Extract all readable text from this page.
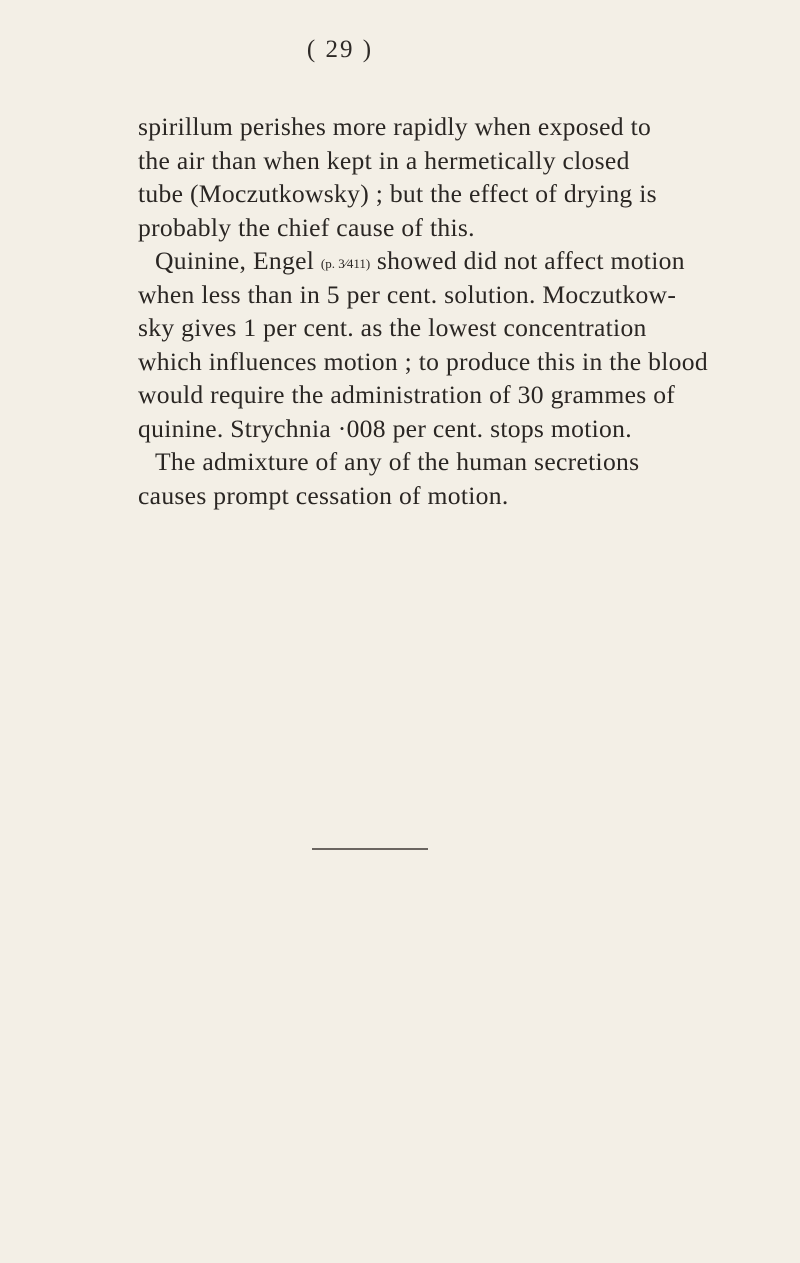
( 29 )
spirillum perishes more rapidly when exposed to
the air than when kept in a hermetically closed
tube (Moczutkowsky) ; but the effect of drying is
probably the chief cause of this.
Quinine, Engel (p. 3⁄411) showed did not affect motion
when less than in 5 per cent. solution. Moczutkow-
sky gives 1 per cent. as the lowest concentration
which influences motion ; to produce this in the blood
would require the administration of 30 grammes of
quinine. Strychnia ·008 per cent. stops motion.
The admixture of any of the human secretions
causes prompt cessation of motion.
